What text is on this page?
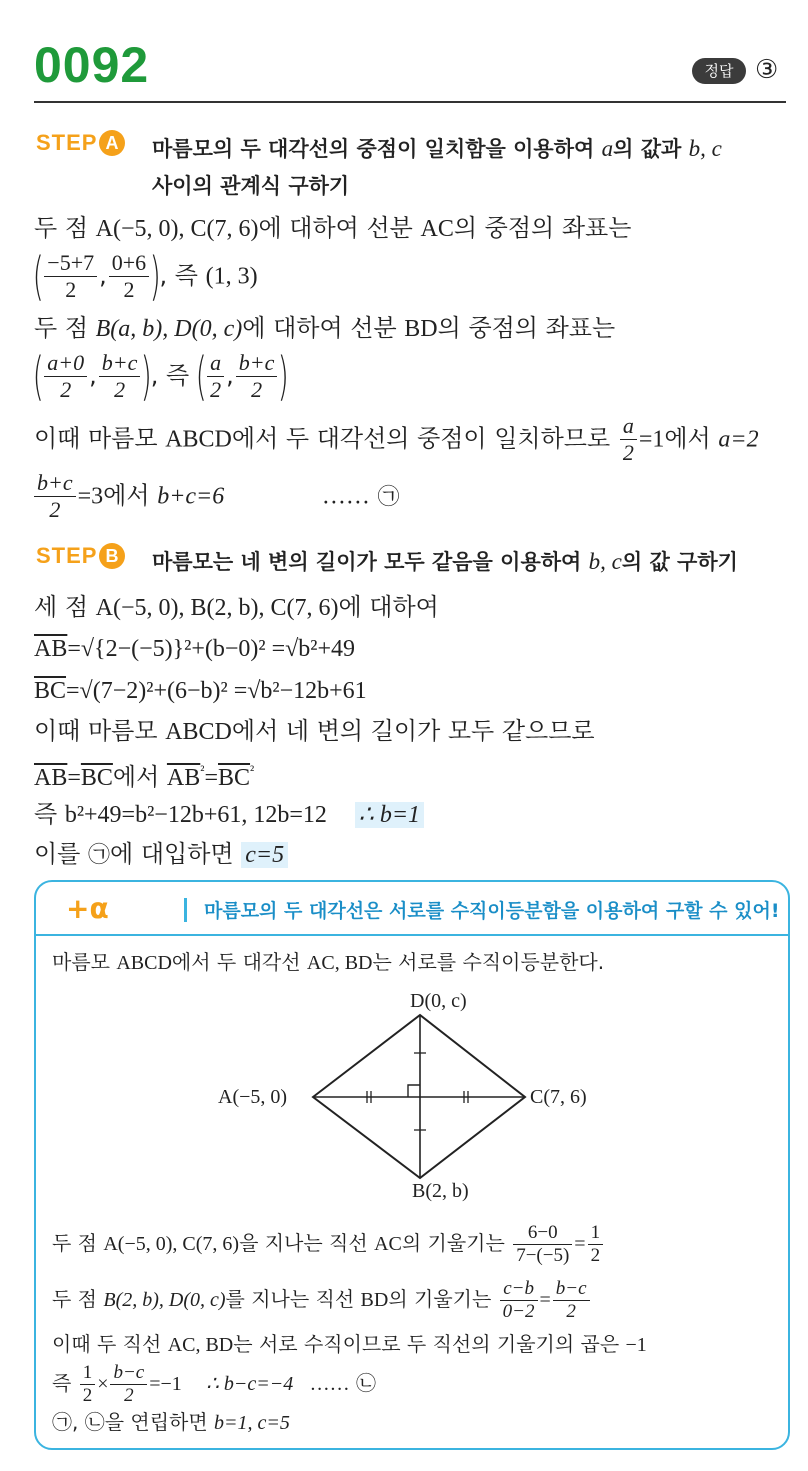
0092	정답 ③
STEP A 마름모의 두 대각선의 중점이 일치함을 이용하여 a의 값과 b, c
사이의 관계식 구하기
두 점 A(−5, 0), C(7, 6)에 대하여 선분 AC의 중점의 좌표는
( $\frac{-5+7}{2}$ , $\frac{0+6}{2}$ ), 즉 (1, 3)
두 점 B(a, b), D(0, c)에 대하여 선분 BD의 중점의 좌표는
( $\frac{a+0}{2}$ , $\frac{b+c}{2}$ ), 즉 ( $\frac{a}{2}$ , $\frac{b+c}{2}$ )
이때 마름모 ABCD에서 두 대각선의 중점이 일치하므로 $\frac{a}{2} =1$에서 a=2
$\frac{b+c}{2} =3$에서 b+c=6	…… ㉠
STEP B 마름모는 네 변의 길이가 모두 같음을 이용하여 b, c의 값 구하기
세 점 A(−5, 0), B(2, b), C(7, 6)에 대하여
$\overline{AB}=√\{2-(-5)\}^2+(b-0)^2 =√b^2+49$
$\overline{BC}=√(7-2)^2+(6-b)^2 =√b^2-12b+61$
이때 마름모 ABCD에서 네 변의 길이가 모두 같으므로
$\overline{AB}=\overline{BC}$에서 $\overline{AB}^{^2}=\overline{BC}^{^2}$
즉 b²+49=b²−12b+61, 12b=12 ∴ b=1
이를 ㉠에 대입하면 c=5
+α	마름모의 두 대각선은 서로를 수직이등분함을 이용하여 구할 수 있어!
마름모 ABCD에서 두 대각선 AC, BD는 서로를 수직이등분한다.
D(0, c)
A(−5, 0)	C(7, 6)
B(2, b)
두 점 A(−5, 0), C(7, 6)을 지나는 직선 AC의 기울기는 $\frac{6-0}{7-(-5)} = \frac{1}{2}$
두 점 B(2, b), D(0, c)를 지나는 직선 BD의 기울기는 $\frac{c-b}{0-2} = \frac{b-c}{2}$
이때 두 직선 AC, BD는 서로 수직이므로 두 직선의 기울기의 곱은 −1
즉 $\frac{1}{2} \times \frac{b-c}{2} =-1$ ∴ b−c=−4 …… ㉡
㉠, ㉡을 연립하면 b=1, c=5
